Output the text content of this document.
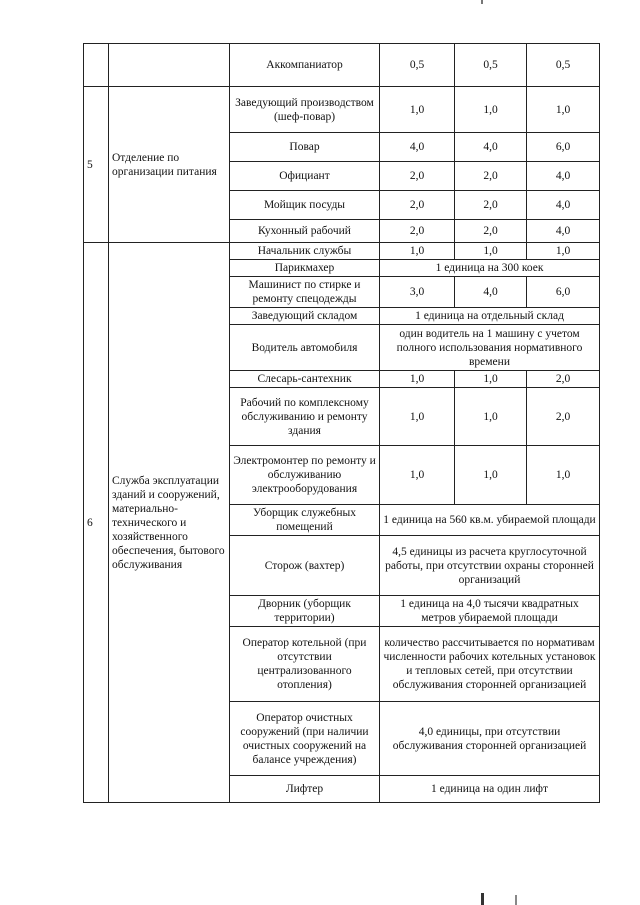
		Аккомпаниатор	0,5	0,5	0,5
5	Отделение по организации питания	Заведующий производством (шеф-повар)	1,0	1,0	1,0
		Повар	4,0	4,0	6,0
		Официант	2,0	2,0	4,0
		Мойщик посуды	2,0	2,0	4,0
		Кухонный рабочий	2,0	2,0	4,0
6	Служба эксплуатации зданий и сооружений, материально-технического и хозяйственного обеспечения, бытового обслуживания	Начальник службы	1,0	1,0	1,0
		Парикмахер	1 единица на 300 коек		
		Машинист по стирке и ремонту спецодежды	3,0	4,0	6,0
		Заведующий складом	1 единица на отдельный склад		
		Водитель автомобиля	один водитель на 1 машину с учетом полного использования нормативного времени		
		Слесарь-сантехник	1,0	1,0	2,0
		Рабочий по комплексному обслуживанию и ремонту здания	1,0	1,0	2,0
		Электромонтер по ремонту и обслуживанию электрооборудования	1,0	1,0	1,0
		Уборщик служебных помещений	1 единица на 560 кв.м. убираемой площади		
		Сторож (вахтер)	4,5 единицы из расчета круглосуточной работы, при отсутствии охраны сторонней организаций		
		Дворник (уборщик территории)	1 единица на 4,0 тысячи квадратных метров убираемой площади		
		Оператор котельной (при отсутствии централизованного отопления)	количество рассчитывается по нормативам численности рабочих котельных установок и тепловых сетей, при отсутствии обслуживания сторонней организацией		
		Оператор очистных сооружений (при наличии очистных сооружений на балансе учреждения)	4,0 единицы, при отсутствии обслуживания сторонней организацией		
		Лифтер	1 единица на один лифт		
